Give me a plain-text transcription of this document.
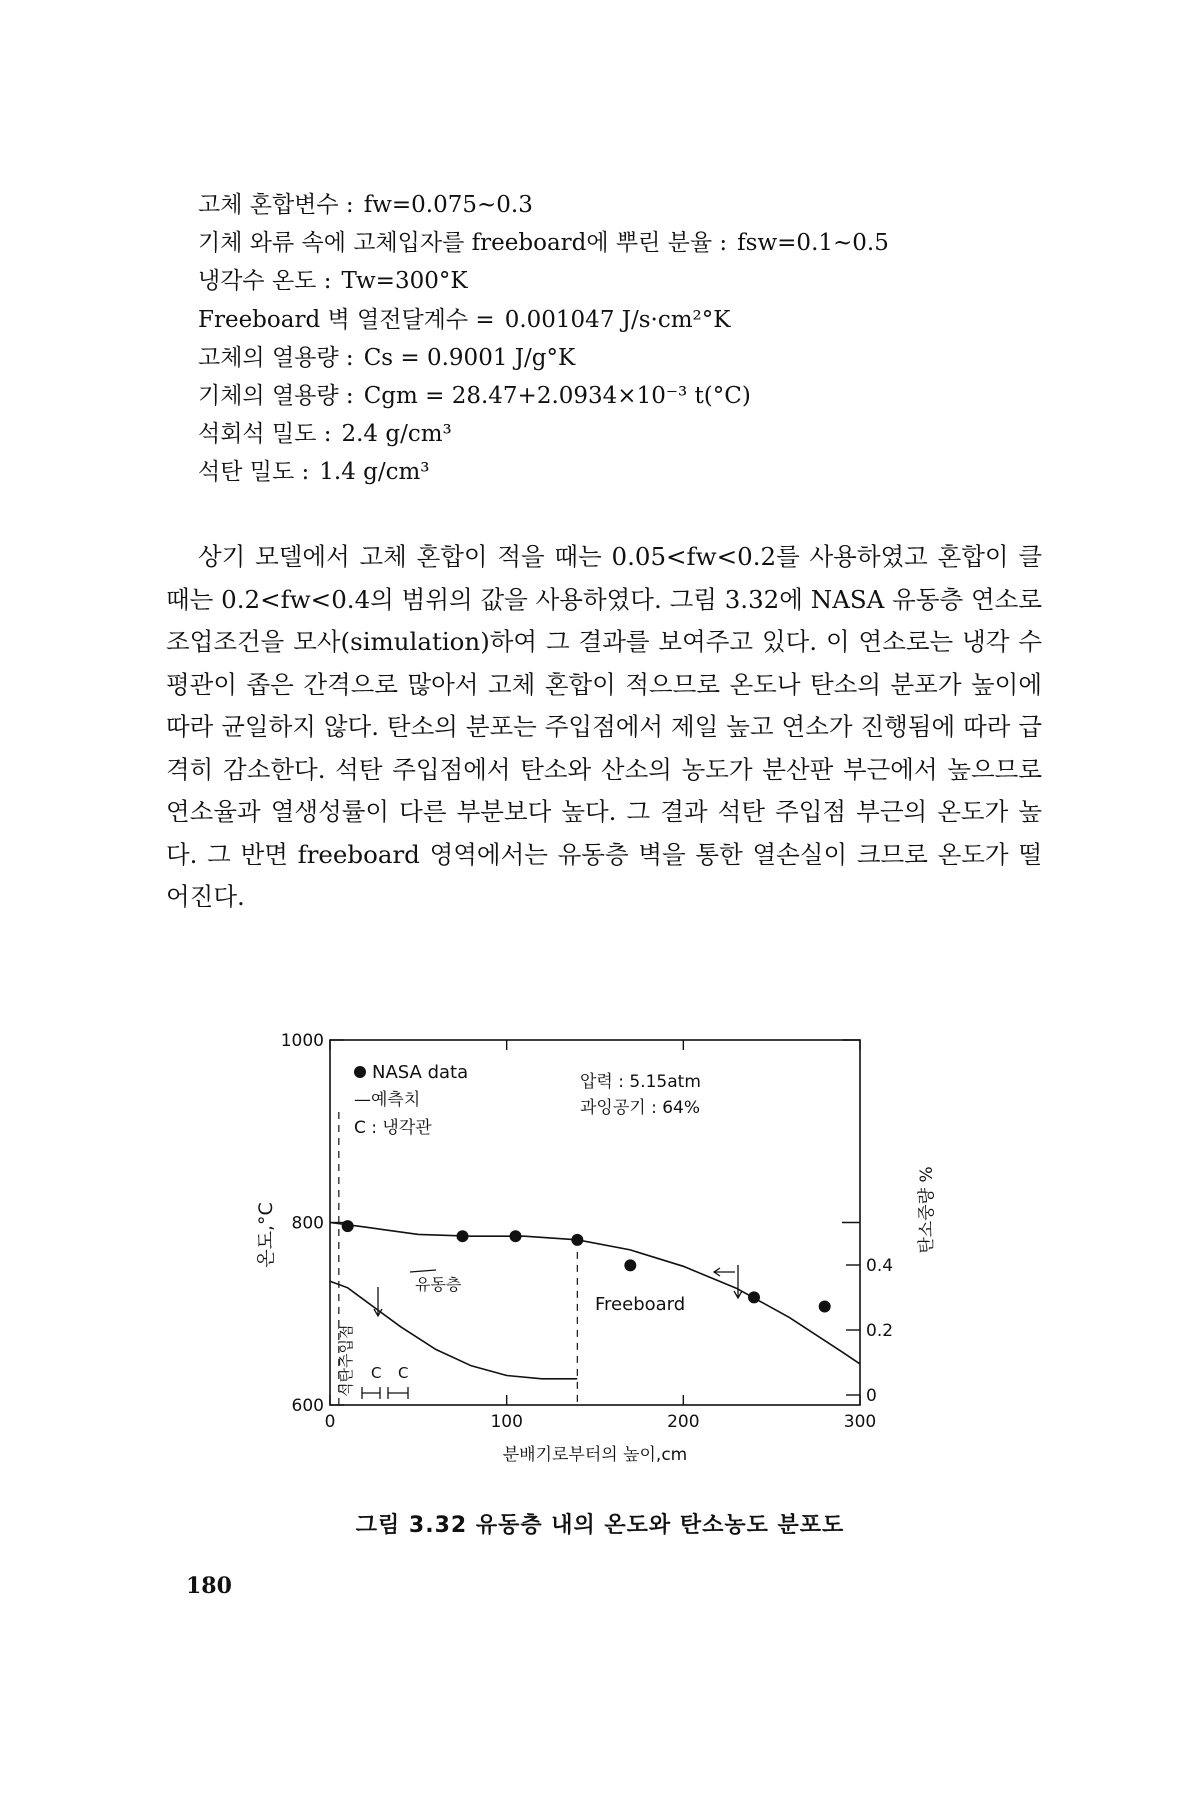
고체 혼합변수 : fw=0.075~0.3
기체 와류 속에 고체입자를 freeboard에 뿌린 분율 : fsw=0.1~0.5
냉각수 온도 : Tw=300°K
Freeboard 벽 열전달계수 = 0.001047 J/s·cm²°K
고체의 열용량 : Cs = 0.9001 J/g°K
기체의 열용량 : Cgm = 28.47+2.0934×10⁻³ t(°C)
석회석 밀도 : 2.4 g/cm³
석탄 밀도 : 1.4 g/cm³

상기 모델에서 고체 혼합이 적을 때는 0.05<fw<0.2를 사용하였고 혼합이 클 때는 0.2<fw<0.4의 범위의 값을 사용하였다. 그림 3.32에 NASA 유동층 연소로 조업조건을 모사(simulation)하여 그 결과를 보여주고 있다. 이 연소로는 냉각 수평관이 좁은 간격으로 많아서 고체 혼합이 적으므로 온도나 탄소의 분포가 높이에 따라 균일하지 않다. 탄소의 분포는 주입점에서 제일 높고 연소가 진행됨에 따라 급격히 감소한다. 석탄 주입점에서 탄소와 산소의 농도가 분산판 부근에서 높으므로 연소율과 열생성률이 다른 부분보다 높다. 그 결과 석탄 주입점 부근의 온도가 높다. 그 반면 freeboard 영역에서는 유동층 벽을 통한 열손실이 크므로 온도가 떨어진다.

0	100	200	300
600
800
1000
0
0.2
0.4
온도,°C	탄소중량 %
분배기로부터의 높이,cm
NASA data
—예측치
C : 냉각관
압력 : 5.15atm
과잉공기 : 64%
Freeboard
유동층
석탄주입점 C C
그림 3.32 유동층 내의 온도와 탄소농도 분포도
180
